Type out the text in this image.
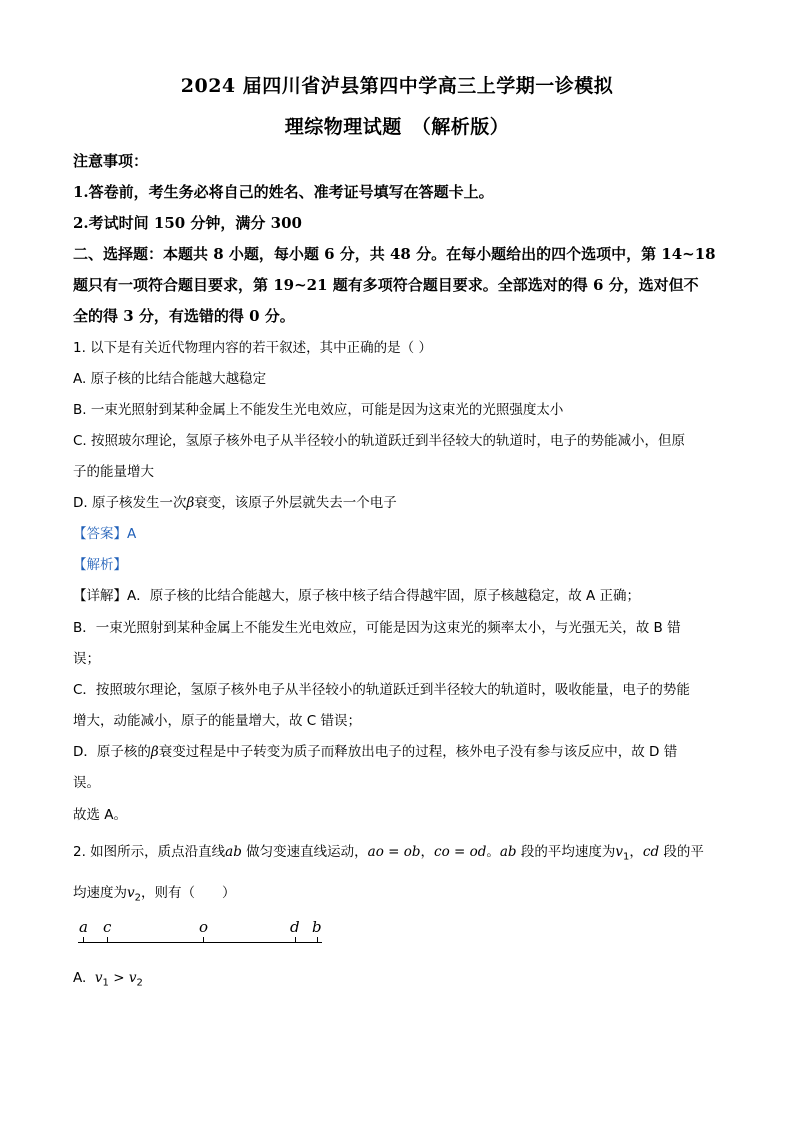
2024 届四川省泸县第四中学高三上学期一诊模拟
理综物理试题　（解析版）
注意事项：
1.答卷前，考生务必将自己的姓名、准考证号填写在答题卡上。
2.考试时间 150 分钟，满分 300
二、选择题：本题共 8 小题，每小题 6 分，共 48 分。在每小题给出的四个选项中，第 14~18
题只有一项符合题目要求，第 19~21 题有多项符合题目要求。全部选对的得 6 分，选对但不
全的得 3 分，有选错的得 0 分。
1. 以下是有关近代物理内容的若干叙述，其中正确的是（ ）
A. 原子核的比结合能越大越稳定
B. 一束光照射到某种金属上不能发生光电效应，可能是因为这束光的光照强度太小
C. 按照玻尔理论，氢原子核外电子从半径较小的轨道跃迁到半径较大的轨道时，电子的势能减小，但原
子的能量增大
D. 原子核发生一次β衰变，该原子外层就失去一个电子
【答案】A
【解析】
【详解】A．原子核的比结合能越大，原子核中核子结合得越牢固，原子核越稳定，故 A 正确；
B．一束光照射到某种金属上不能发生光电效应，可能是因为这束光的频率太小，与光强无关，故 B 错
误；
C．按照玻尔理论，氢原子核外电子从半径较小的轨道跃迁到半径较大的轨道时，吸收能量，电子的势能
增大，动能减小，原子的能量增大，故 C 错误；
D．原子核的β衰变过程是中子转变为质子而释放出电子的过程，核外电子没有参与该反应中，故 D 错
误。
故选 A。
2. 如图所示，质点沿直线ab 做匀变速直线运动，ao = ob，co = od。ab 段的平均速度为$v_1$，cd 段的平
均速度为$v_2$，则有（　　）
a c	o	d b
A. $v_1 > v_2$
